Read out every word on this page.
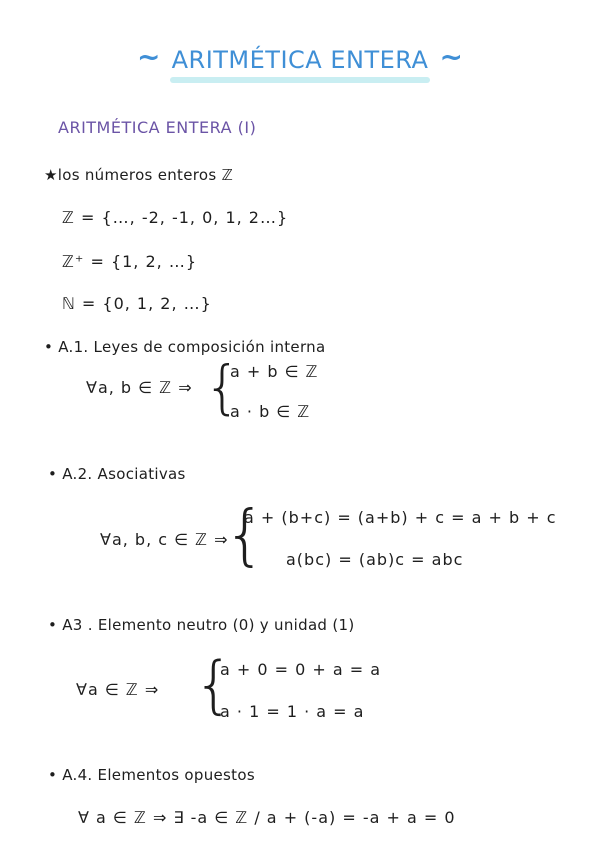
~ ARITMÉTICA ENTERA ~
ARITMÉTICA ENTERA (I)
★los números enteros ℤ
ℤ = {…, -2, -1, 0, 1, 2…}
ℤ⁺ = {1, 2, …}
ℕ = {0, 1, 2, …}
• A.1. Leyes de composición interna
∀a, b ∈ ℤ ⇒ {
a + b ∈ ℤ
a · b ∈ ℤ
• A.2. Asociativas
∀a, b, c ∈ ℤ ⇒
{
a + (b+c) = (a+b) + c = a + b + c
a(bc) = (ab)c = abc
• A3 . Elemento neutro (0) y unidad (1)
∀a ∈ ℤ ⇒ {
a + 0 = 0 + a = a
a · 1 = 1 · a = a
• A.4. Elementos opuestos
∀ a ∈ ℤ ⇒ ∃ -a ∈ ℤ / a + (-a) = -a + a = 0
